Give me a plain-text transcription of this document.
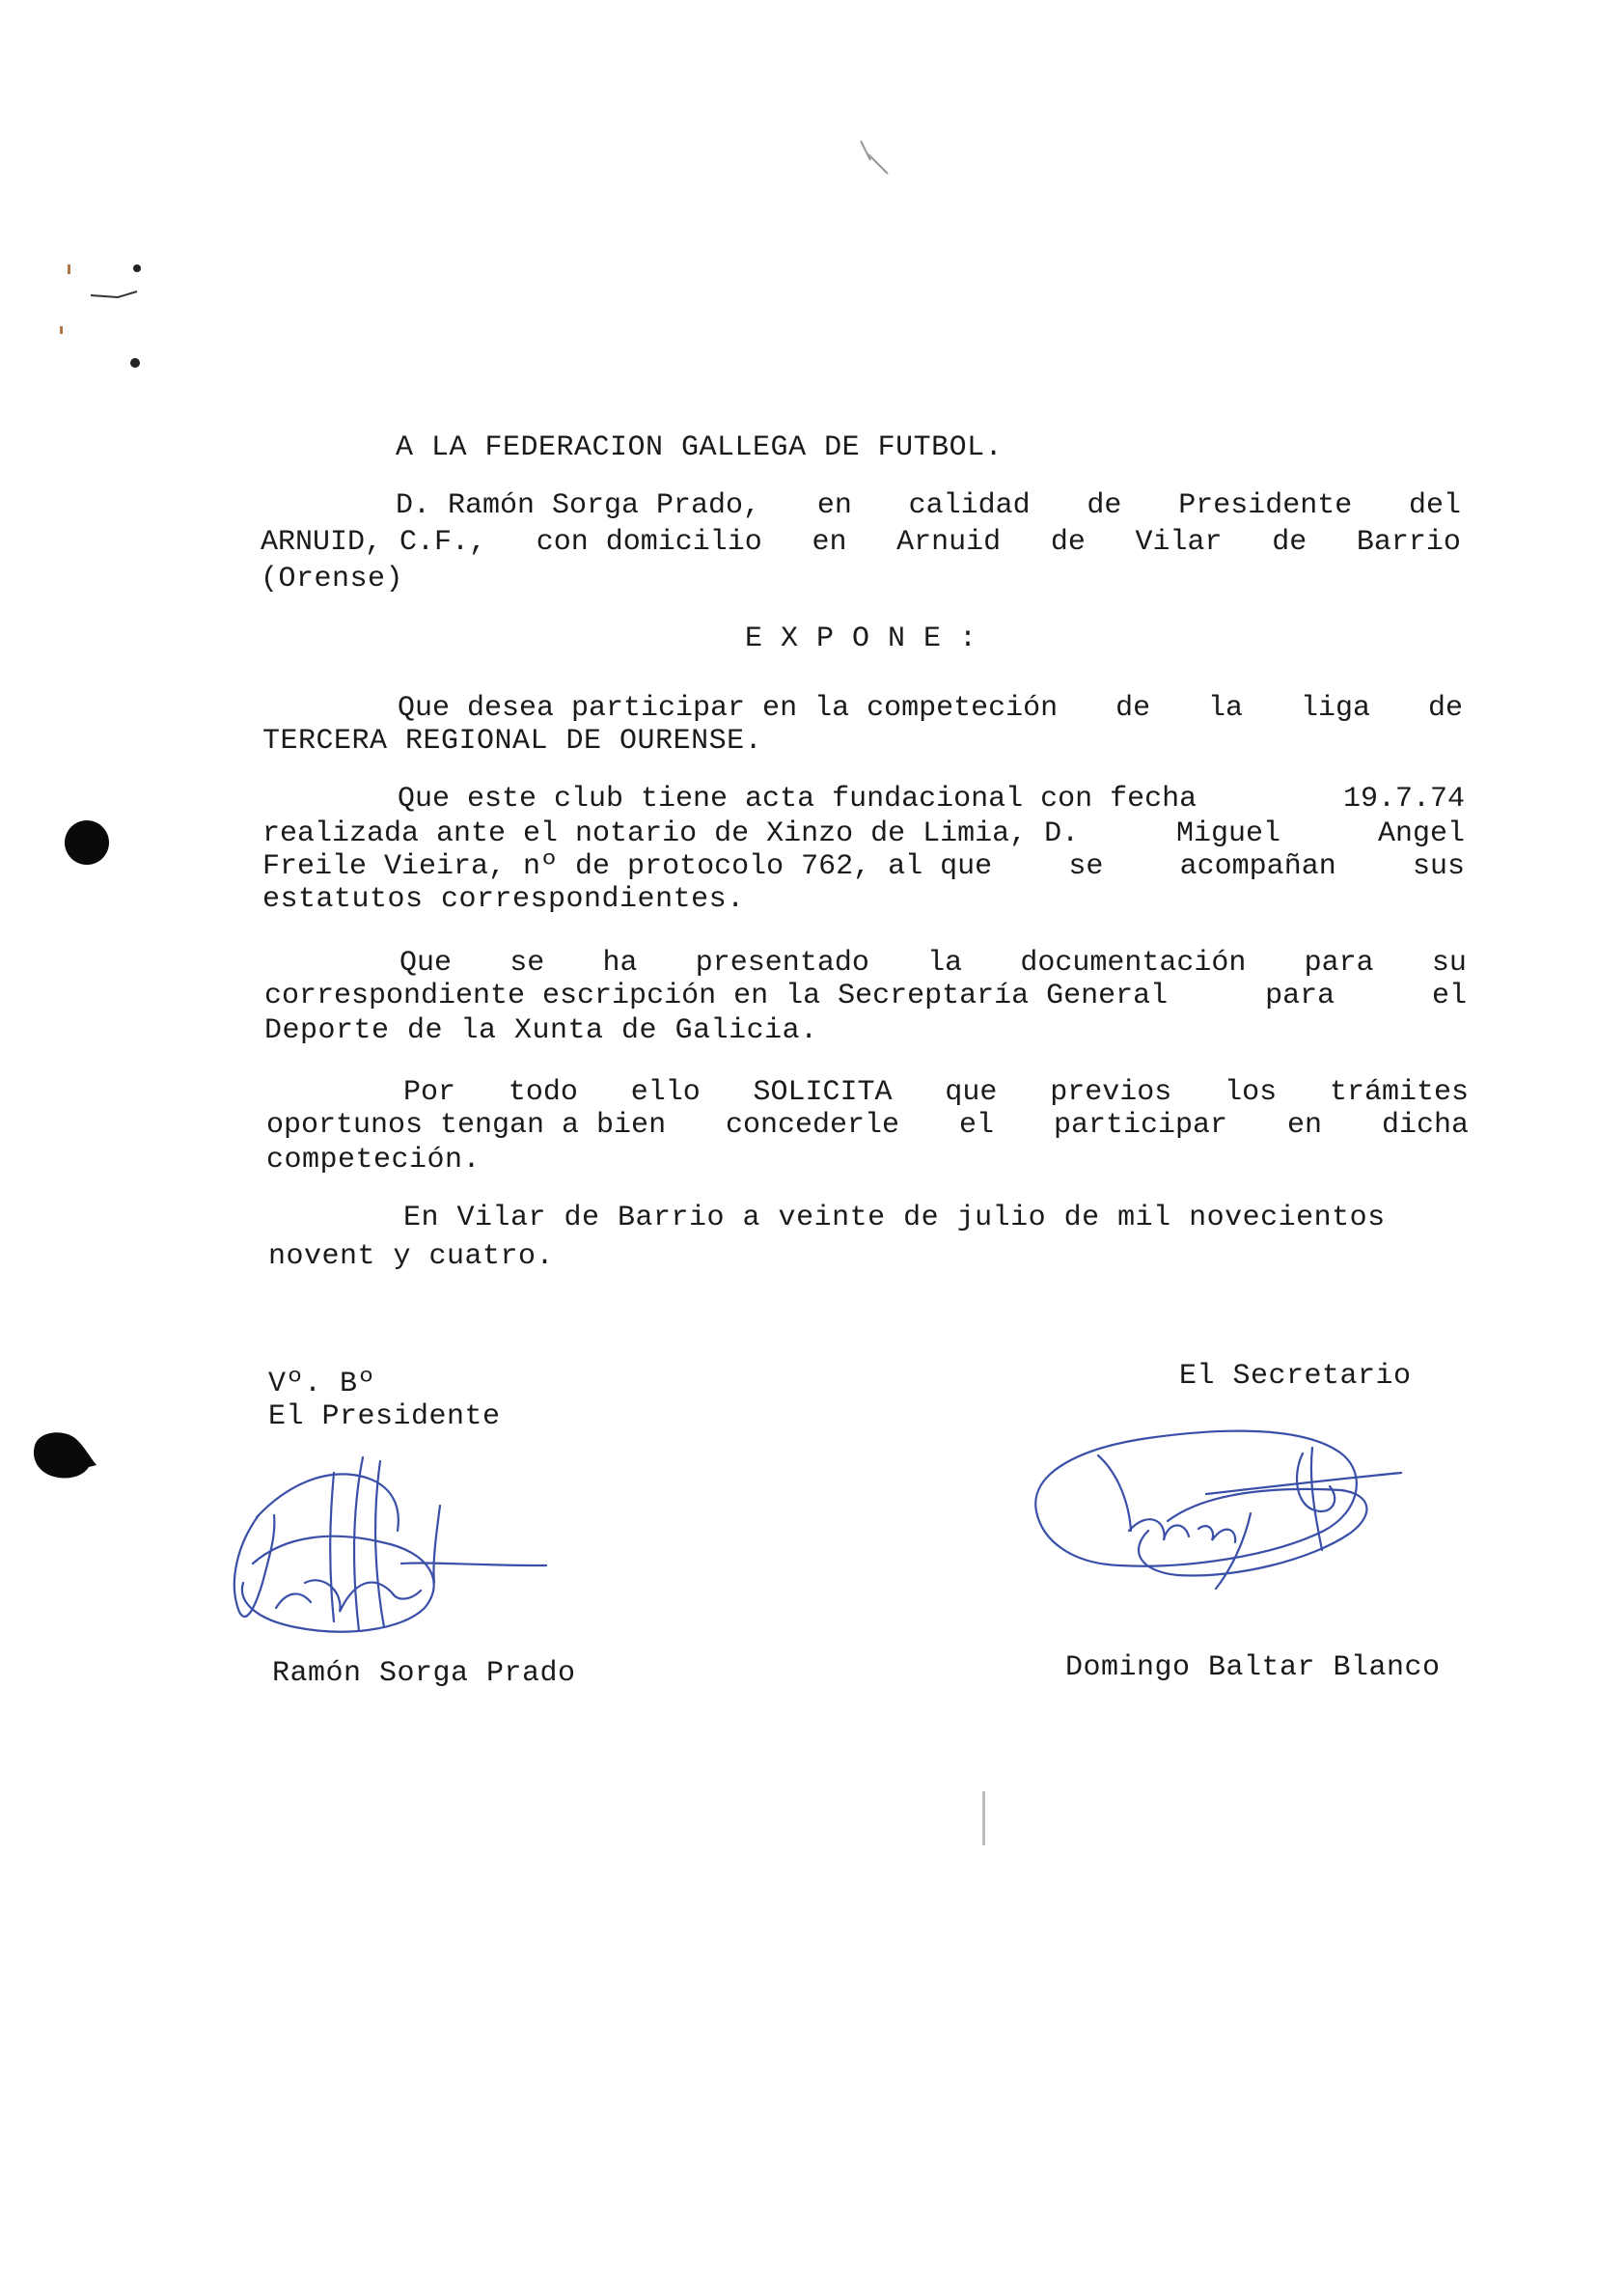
A LA FEDERACION GALLEGA DE FUTBOL.
D. Ramón Sorga Prado, en calidad de Presidente del
ARNUID, C.F., con domicilio en Arnuid de Vilar de Barrio
(Orense)
E X P O N E :
Que desea participar en la competeción de la liga de
TERCERA REGIONAL DE OURENSE.
Que este club tiene acta fundacional con fecha	19.7.74
realizada ante el notario de Xinzo de Limia, D.	Miguel	Angel
Freile Vieira, nº de protocolo 762, al que	se	acompañan	sus
estatutos correspondientes.
Que se ha presentado la documentación para su
correspondiente escripción en la Secreptaría General	para	el
Deporte de la Xunta de Galicia.
Por todo ello SOLICITA que previos los trámites
oportunos tengan a bien concederle el participar en dicha
competeción.
En Vilar de Barrio a veinte de julio de mil novecientos
novent y cuatro.
Vº. Bº
El Presidente
El Secretario
Ramón Sorga Prado	Domingo Baltar Blanco
